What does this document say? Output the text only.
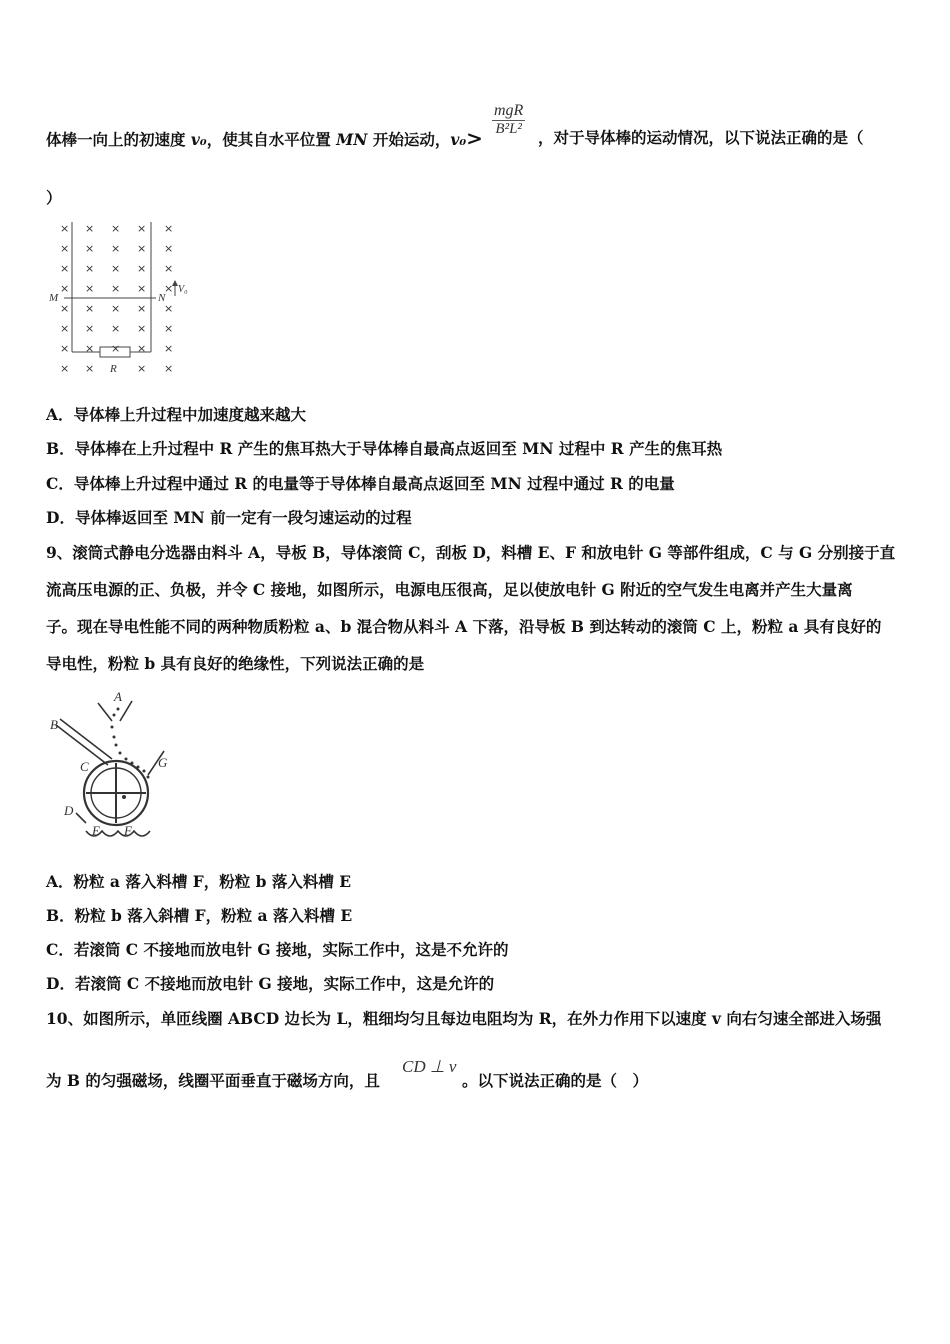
体棒一向上的初速度 v₀，使其自水平位置 MN 开始运动，v₀>
mgR
B²L² ，对于导体棒的运动情况，以下说法正确的是（
）
× × × × ×
× × × × ×
× × × × ×
× × × × ×
× × × × ×
× × × × ×
× × × × ×
× ×	× ×
M	N
V₀
R
A．导体棒上升过程中加速度越来越大
B．导体棒在上升过程中 R 产生的焦耳热大于导体棒自最高点返回至 MN 过程中 R 产生的焦耳热
C．导体棒上升过程中通过 R 的电量等于导体棒自最高点返回至 MN 过程中通过 R 的电量
D．导体棒返回至 MN 前一定有一段匀速运动的过程
9、滚筒式静电分选器由料斗 A，导板 B，导体滚筒 C，刮板 D，料槽 E、F 和放电针 G 等部件组成，C 与 G 分别接于直
流高压电源的正、负极，并令 C 接地，如图所示，电源电压很高，足以使放电针 G 附近的空气发生电离并产生大量离
子。现在导电性能不同的两种物质粉粒 a、b 混合物从料斗 A 下落，沿导板 B 到达转动的滚筒 C 上，粉粒 a 具有良好的
导电性，粉粒 b 具有良好的绝缘性，下列说法正确的是
A
B
C	G
D
E F
A．粉粒 a 落入料槽 F，粉粒 b 落入料槽 E
B．粉粒 b 落入斜槽 F，粉粒 a 落入料槽 E
C．若滚筒 C 不接地而放电针 G 接地，实际工作中，这是不允许的
D．若滚筒 C 不接地而放电针 G 接地，实际工作中，这是允许的
10、如图所示，单匝线圈 ABCD 边长为 L，粗细均匀且每边电阻均为 R，在外力作用下以速度 v 向右匀速全部进入场强
为 B 的匀强磁场，线圈平面垂直于磁场方向，且
CD ⊥ v
。以下说法正确的是（　）
